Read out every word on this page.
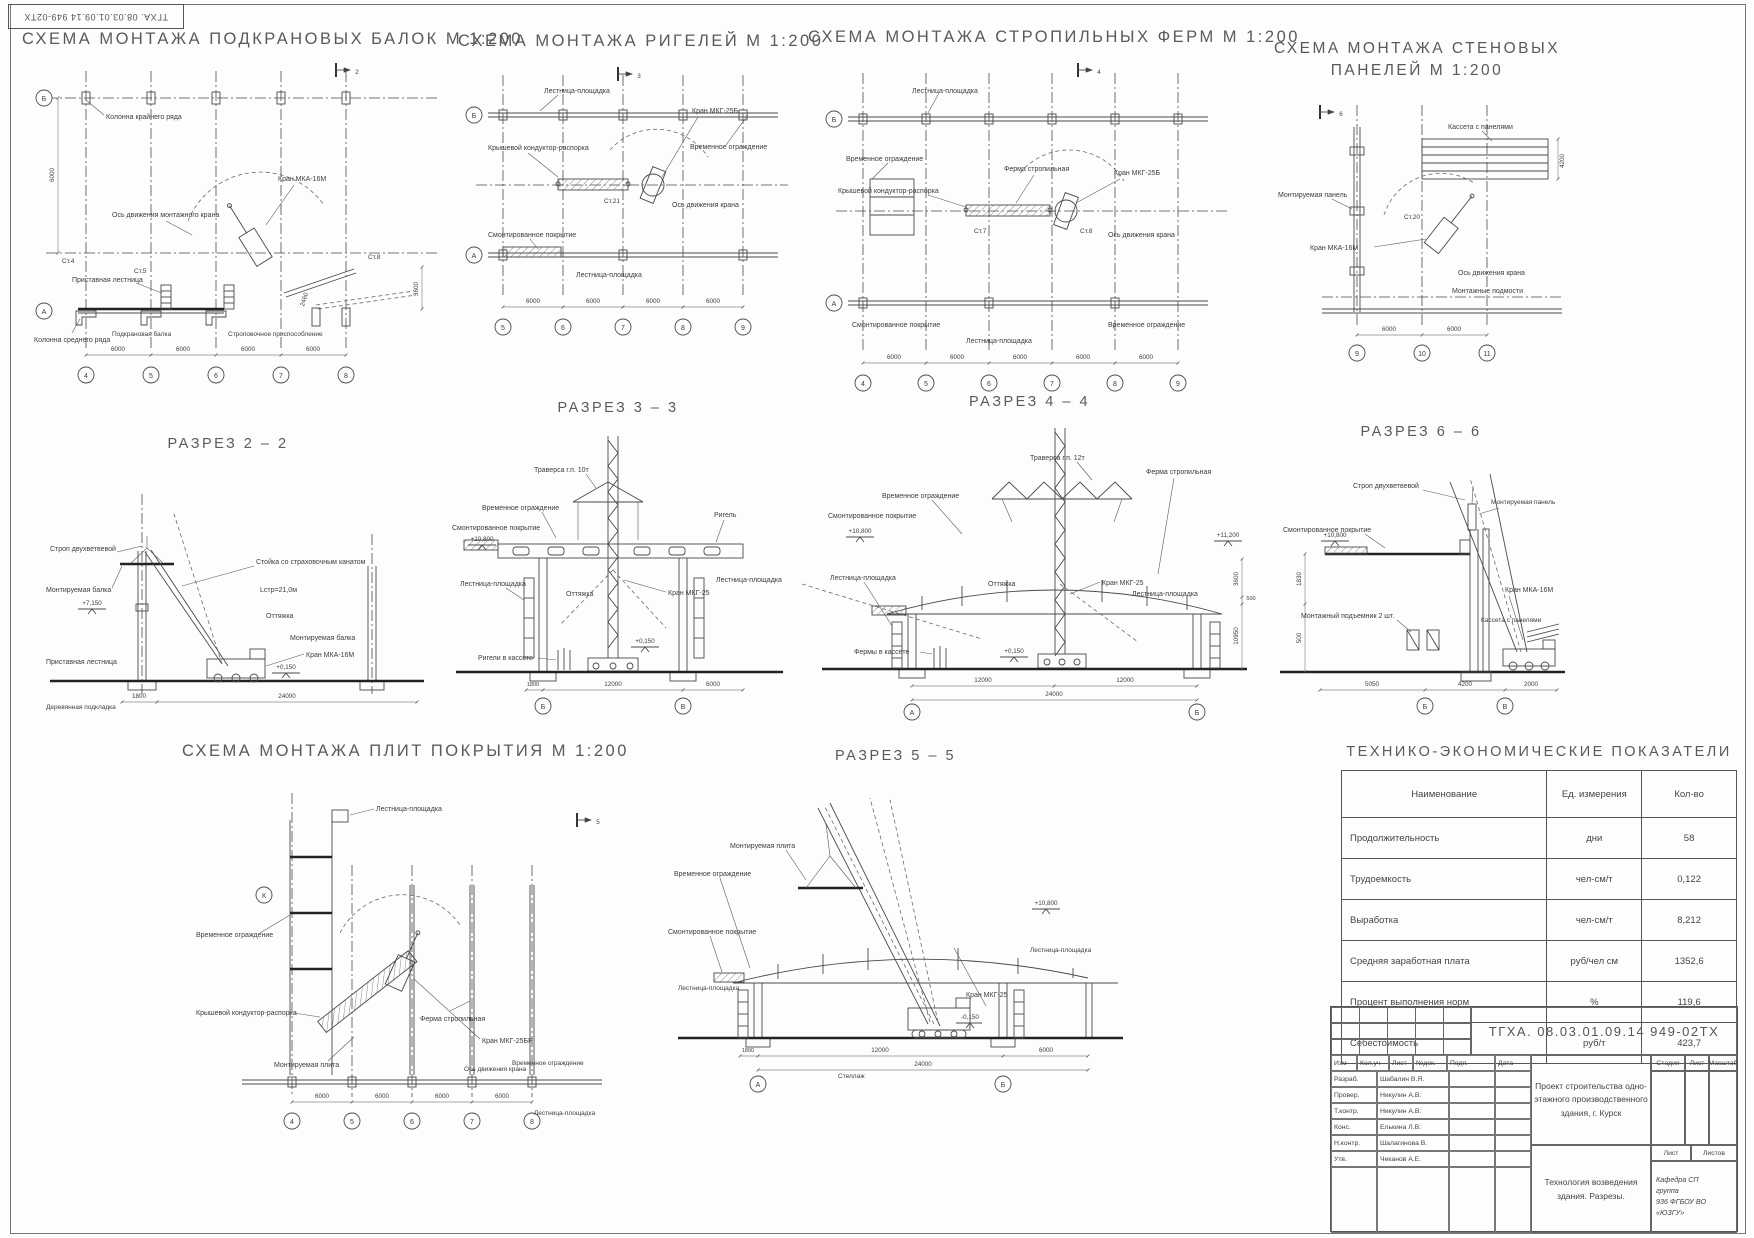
ТГХА. 08.03.01.09.14 949-02ТХ
СХЕМА МОНТАЖА ПОДКРАНОВЫХ БАЛОК М 1:200
6000	6000	6000	6000
6000
3600
2460
4	5	6	7	8
Б
А
2
Колонна крайнего ряда
Ось движения монтажного крана
Кран МКА-16М
Ст.4
Ст.5
Ст.8
Приставная лестница
Колонна среднего ряда
Подкрановая балка	Строповочное приспособление
СХЕМА МОНТАЖА РИГЕЛЕЙ М 1:200
3
6000	6000	6000	6000
5	6	7	8	9
Б
А
Лестница-площадка
Крышевой кондуктор-распорка	Временное ограждение
Кран МКГ-25Б
Ось движения крана
Ст.21
Смонтированное покрытие
Лестница-площадка
СХЕМА МОНТАЖА СТРОПИЛЬНЫХ ФЕРМ М 1:200
4
6000	6000	6000	6000	6000
4	5	6	7	8	9
Б
А
Лестница-площадка
Временное ограждение
Крышевой кондуктор-распорка
Ферма стропильная
Кран МКГ-25Б
Ось движения крана
Ст.7	Ст.8
Смонтированное покрытие
Лестница-площадка
Временное ограждение
СХЕМА МОНТАЖА СТЕНОВЫХ ПАНЕЛЕЙ М 1:200
6
6000	6000
4200
9	10	11
Кассета с панелями
Монтируемая панель
Ось движения крана
Кран МКА-16М
Ст.20
Монтажные подмости
РАЗРЕЗ 2 – 2
+7,150
+0,150
1800	24000
Строп двухветвевой
Монтируемая балка
Стойка со страховочным канатом
Lстр=21,0м
Оттяжка
Монтируемая балка
Кран МКА-16М
Приставная лестница
Деревянная подкладка
РАЗРЕЗ 3 – 3
+10,800
+0,150
1800	12000	6000
Б	В
Траверса г.п. 10т
Временное ограждение
Смонтированное покрытие
Ригель
Лестница-площадка
Оттяжка	Кран МКГ-25
Лестница-площадка
Ригели в кассете
РАЗРЕЗ 4 – 4
+10,800
+11,200
+0,150
12000	12000
24000
3600
500
10950
А	Б
Траверса г.п. 12т
Временное ограждение
Смонтированное покрытие
Ферма стропильная
Лестница-площадка
Оттяжка	Кран МКГ-25
Лестница-площадка
Фермы в кассете
РАЗРЕЗ 6 – 6
+10,800
1830
500
5050	4200	2000
Б	В
Строп двухветвевой
Смонтированное покрытие
Монтируемая панель
Монтажный подъемник 2 шт.
Кран МКА-16М
Кассета с панелями
СХЕМА МОНТАЖА ПЛИТ ПОКРЫТИЯ М 1:200
5
6000	6000	6000	6000
4	5	6	7	8
К
Лестница-площадка
Временное ограждение
Крышевой кондуктор-распорка
Ферма стропильная
Кран МКГ-25БР
Монтируемая плита
Ось движения крана
Лестница-площадка
Временное ограждение
РАЗРЕЗ 5 – 5
+10,800
-0,150
1800	12000	6000
24000
А	Б
Монтируемая плита
Временное ограждение
Смонтированное покрытие
Кран МКГ-25
Лестница-площадка
Лестница-площадка
Стеллаж
ТЕХНИКО-ЭКОНОМИЧЕСКИЕ ПОКАЗАТЕЛИ
Наименование	Ед. измерения	Кол-во
Продолжительность	дни	58
Трудоемкость	чел-см/т	0,122
Выработка	чел-см/т	8,212
Средняя заработная плата	руб/чел см	1352,6
Процент выполнения норм	%	119,6
Себестоимость	руб/т	423,7
ТГХА. 08.03.01.09.14 949-02ТХ
Изм	Кол.уч	Лист	№док.	Подп.	Дата
Разраб.	Шабалин В.Я.
Провер.	Никулин А.В.
Т.контр.	Никулин А.В.
Конс.	Елькина Л.В.
Н.контр.	Шалагинова В.
Утв.	Чеканов А.Е.
Проект строительства одно-
этажного производственного
здания, г. Курск
Стадия	Лист Масштаб
Технология возведения
здания. Разрезы.
Лист	Листов
Кафедра СП
группа
936 ФГБОУ ВО «ЮЗГУ»
